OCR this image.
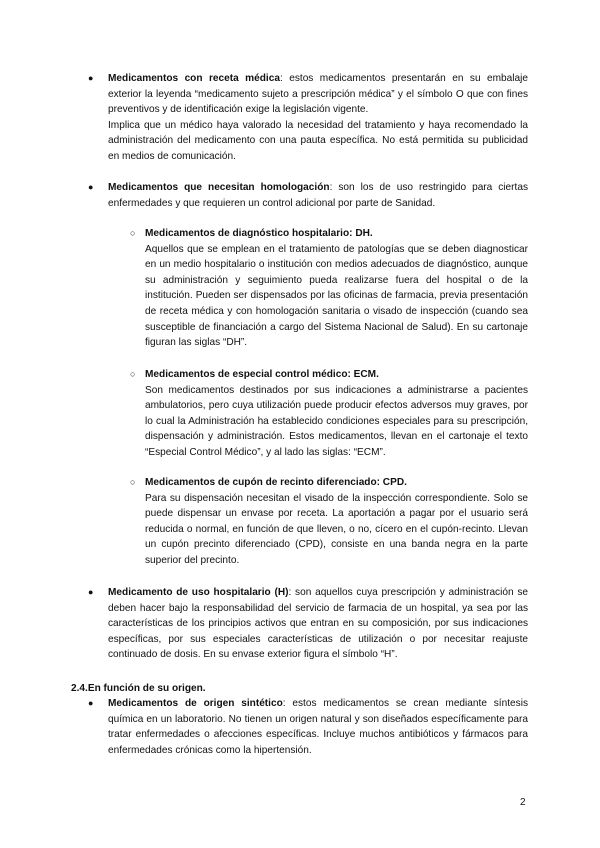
● Medicamentos con receta médica: estos medicamentos presentarán en su embalaje exterior la leyenda “medicamento sujeto a prescripción médica” y el símbolo O que con fines preventivos y de identificación exige la legislación vigente.

Implica que un médico haya valorado la necesidad del tratamiento y haya recomendado la administración del medicamento con una pauta específica. No está permitida su publicidad en medios de comunicación.

● Medicamentos que necesitan homologación: son los de uso restringido para ciertas enfermedades y que requieren un control adicional por parte de Sanidad.

○ Medicamentos de diagnóstico hospitalario: DH.

Aquellos que se emplean en el tratamiento de patologías que se deben diagnosticar en un medio hospitalario o institución con medios adecuados de diagnóstico, aunque su administración y seguimiento pueda realizarse fuera del hospital o de la institución. Pueden ser dispensados por las oficinas de farmacia, previa presentación de receta médica y con homologación sanitaria o visado de inspección (cuando sea susceptible de financiación a cargo del Sistema Nacional de Salud). En su cartonaje figuran las siglas “DH”.

○ Medicamentos de especial control médico: ECM.

Son medicamentos destinados por sus indicaciones a administrarse a pacientes ambulatorios, pero cuya utilización puede producir efectos adversos muy graves, por lo cual la Administración ha establecido condiciones especiales para su prescripción, dispensación y administración. Estos medicamentos, llevan en el cartonaje el texto “Especial Control Médico”, y al lado las siglas: “ECM”.

○ Medicamentos de cupón de recinto diferenciado: CPD.

Para su dispensación necesitan el visado de la inspección correspondiente. Solo se puede dispensar un envase por receta. La aportación a pagar por el usuario será reducida o normal, en función de que lleven, o no, cícero en el cupón-recinto. Llevan un cupón precinto diferenciado (CPD), consiste en una banda negra en la parte superior del precinto.

● Medicamento de uso hospitalario (H): son aquellos cuya prescripción y administración se deben hacer bajo la responsabilidad del servicio de farmacia de un hospital, ya sea por las características de los principios activos que entran en su composición, por sus indicaciones específicas, por sus especiales características de utilización o por necesitar reajuste continuado de dosis. En su envase exterior figura el símbolo “H”.

2.4.En función de su origen.
● Medicamentos de origen sintético: estos medicamentos se crean mediante síntesis química en un laboratorio. No tienen un origen natural y son diseñados específicamente para tratar enfermedades o afecciones específicas. Incluye muchos antibióticos y fármacos para enfermedades crónicas como la hipertensión.

2
